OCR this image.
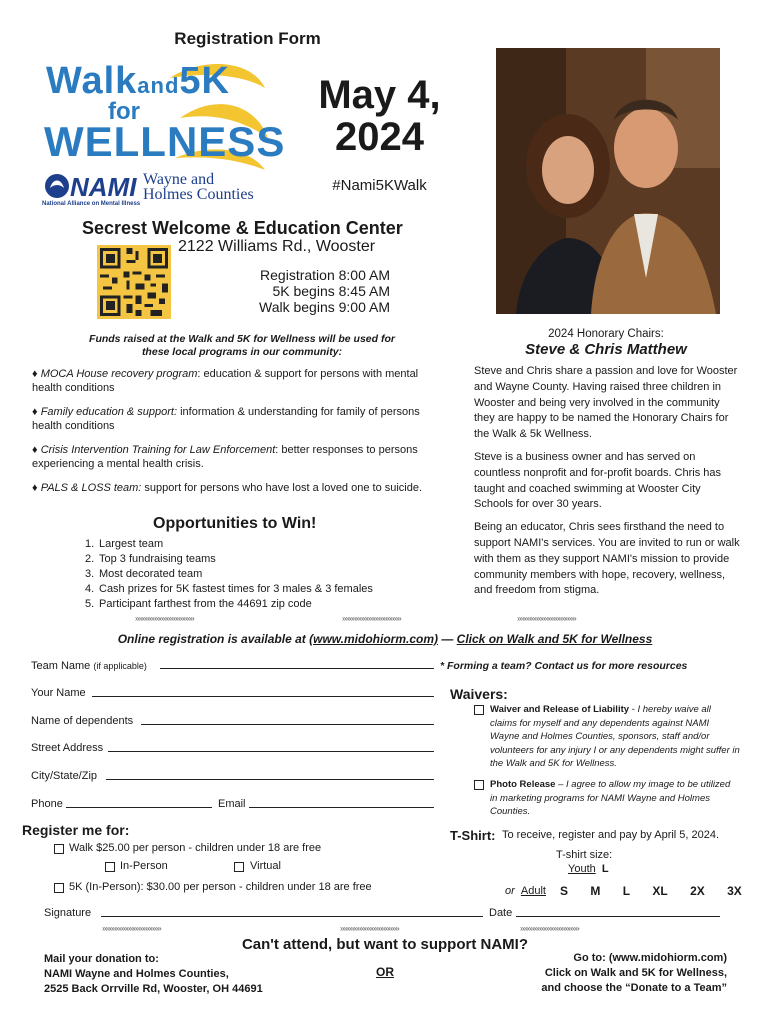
Registration Form
Walkand5K
for
WELLNESS
NAMI Wayne and
Holmes Counties
National Alliance on Mental Illness
May 4,
2024
#Nami5KWalk
Secrest Welcome & Education Center
2122 Williams Rd., Wooster
Registration 8:00 AM
5K begins 8:45 AM
Walk begins 9:00 AM
Funds raised at the Walk and 5K for Wellness will be used for these local programs in our community:
♦ MOCA House recovery program: education & support for persons with mental health conditions
♦ Family education & support: information & understanding for family of persons health conditions
♦ Crisis Intervention Training for Law Enforcement: better responses to persons experiencing a mental health crisis.
♦ PALS & LOSS team: support for persons who have lost a loved one to suicide.
Opportunities to Win!
1. Largest team
2. Top 3 fundraising teams
3. Most decorated team
4. Cash prizes for 5K fastest times for 3 males & 3 females
5. Participant farthest from the 44691 zip code
2024 Honorary Chairs:
Steve & Chris Matthew

Steve and Chris share a passion and love for Wooster and Wayne County. Having raised three children in Wooster and being very involved in the community they are happy to be named the Honorary Chairs for the Walk & 5k Wellness.

Steve is a business owner and has served on countless nonprofit and for-profit boards. Chris has taught and coached swimming at Wooster City Schools for over 30 years.

Being an educator, Chris sees firsthand the need to support NAMI's services. You are invited to run or walk with them as they support NAMI's mission to provide community members with hope, recovery, wellness, and freedom from stigma.

»»»»»»»»»»»»»»»»»	»»»»»»»»»»»»»»»»»	»»»»»»»»»»»»»»»»»
Online registration is available at (www.midohiorm.com) — Click on Walk and 5K for Wellness
Team Name (if applicable)	* Forming a team? Contact us for more resources
Your Name
Name of dependents
Street Address
City/State/Zip
Phone	Email
Waivers:
Waiver and Release of Liability - I hereby waive all claims for myself and any dependents against NAMI Wayne and Holmes Counties, sponsors, staff and/or volunteers for any injury I or any dependents might suffer in the Walk and 5K for Wellness.
Photo Release – I agree to allow my image to be utilized in marketing programs for NAMI Wayne and Holmes Counties.
Register me for:
Walk $25.00 per person - children under 18 are free
In-Person	Virtual
5K (In-Person): $30.00 per person - children under 18 are free
T-Shirt: To receive, register and pay by April 5, 2024.
T-shirt size:
Youth L
or Adult S M L XL 2X 3X
Signature	Date
»»»»»»»»»»»»»»»»»	»»»»»»»»»»»»»»»»»	»»»»»»»»»»»»»»»»»
Can't attend, but want to support NAMI?
Mail your donation to:
NAMI Wayne and Holmes Counties,
2525 Back Orrville Rd, Wooster, OH 44691
OR
Go to: (www.midohiorm.com)
Click on Walk and 5K for Wellness,
and choose the “Donate to a Team”
